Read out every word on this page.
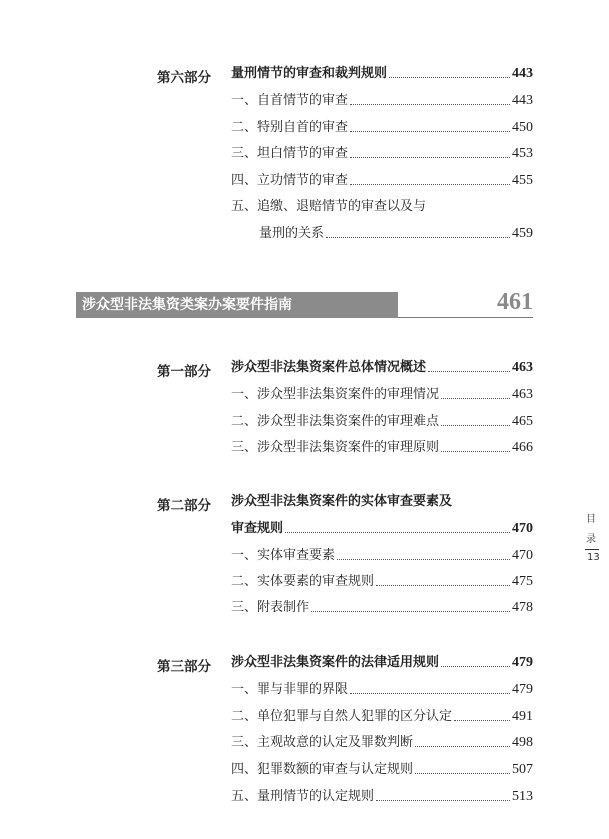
第六部分 量刑情节的审查和裁判规则	443
一、自首情节的审查	443
二、特别自首的审查	450
三、坦白情节的审查	453
四、立功情节的审查	455
五、追缴、退赔情节的审查以及与
量刑的关系	459
涉众型非法集资类案办案要件指南	461
第一部分 涉众型非法集资案件总体情况概述	463
一、涉众型非法集资案件的审理情况	463
二、涉众型非法集资案件的审理难点	465
三、涉众型非法集资案件的审理原则	466
第二部分 涉众型非法集资案件的实体审查要素及
审查规则	470
一、实体审查要素	470
二、实体要素的审查规则	475
三、附表制作	478
第三部分 涉众型非法集资案件的法律适用规则	479
一、罪与非罪的界限	479
二、单位犯罪与自然人犯罪的区分认定	491
三、主观故意的认定及罪数判断	498
四、犯罪数额的审查与认定规则	507
五、量刑情节的认定规则	513
目
录
13
